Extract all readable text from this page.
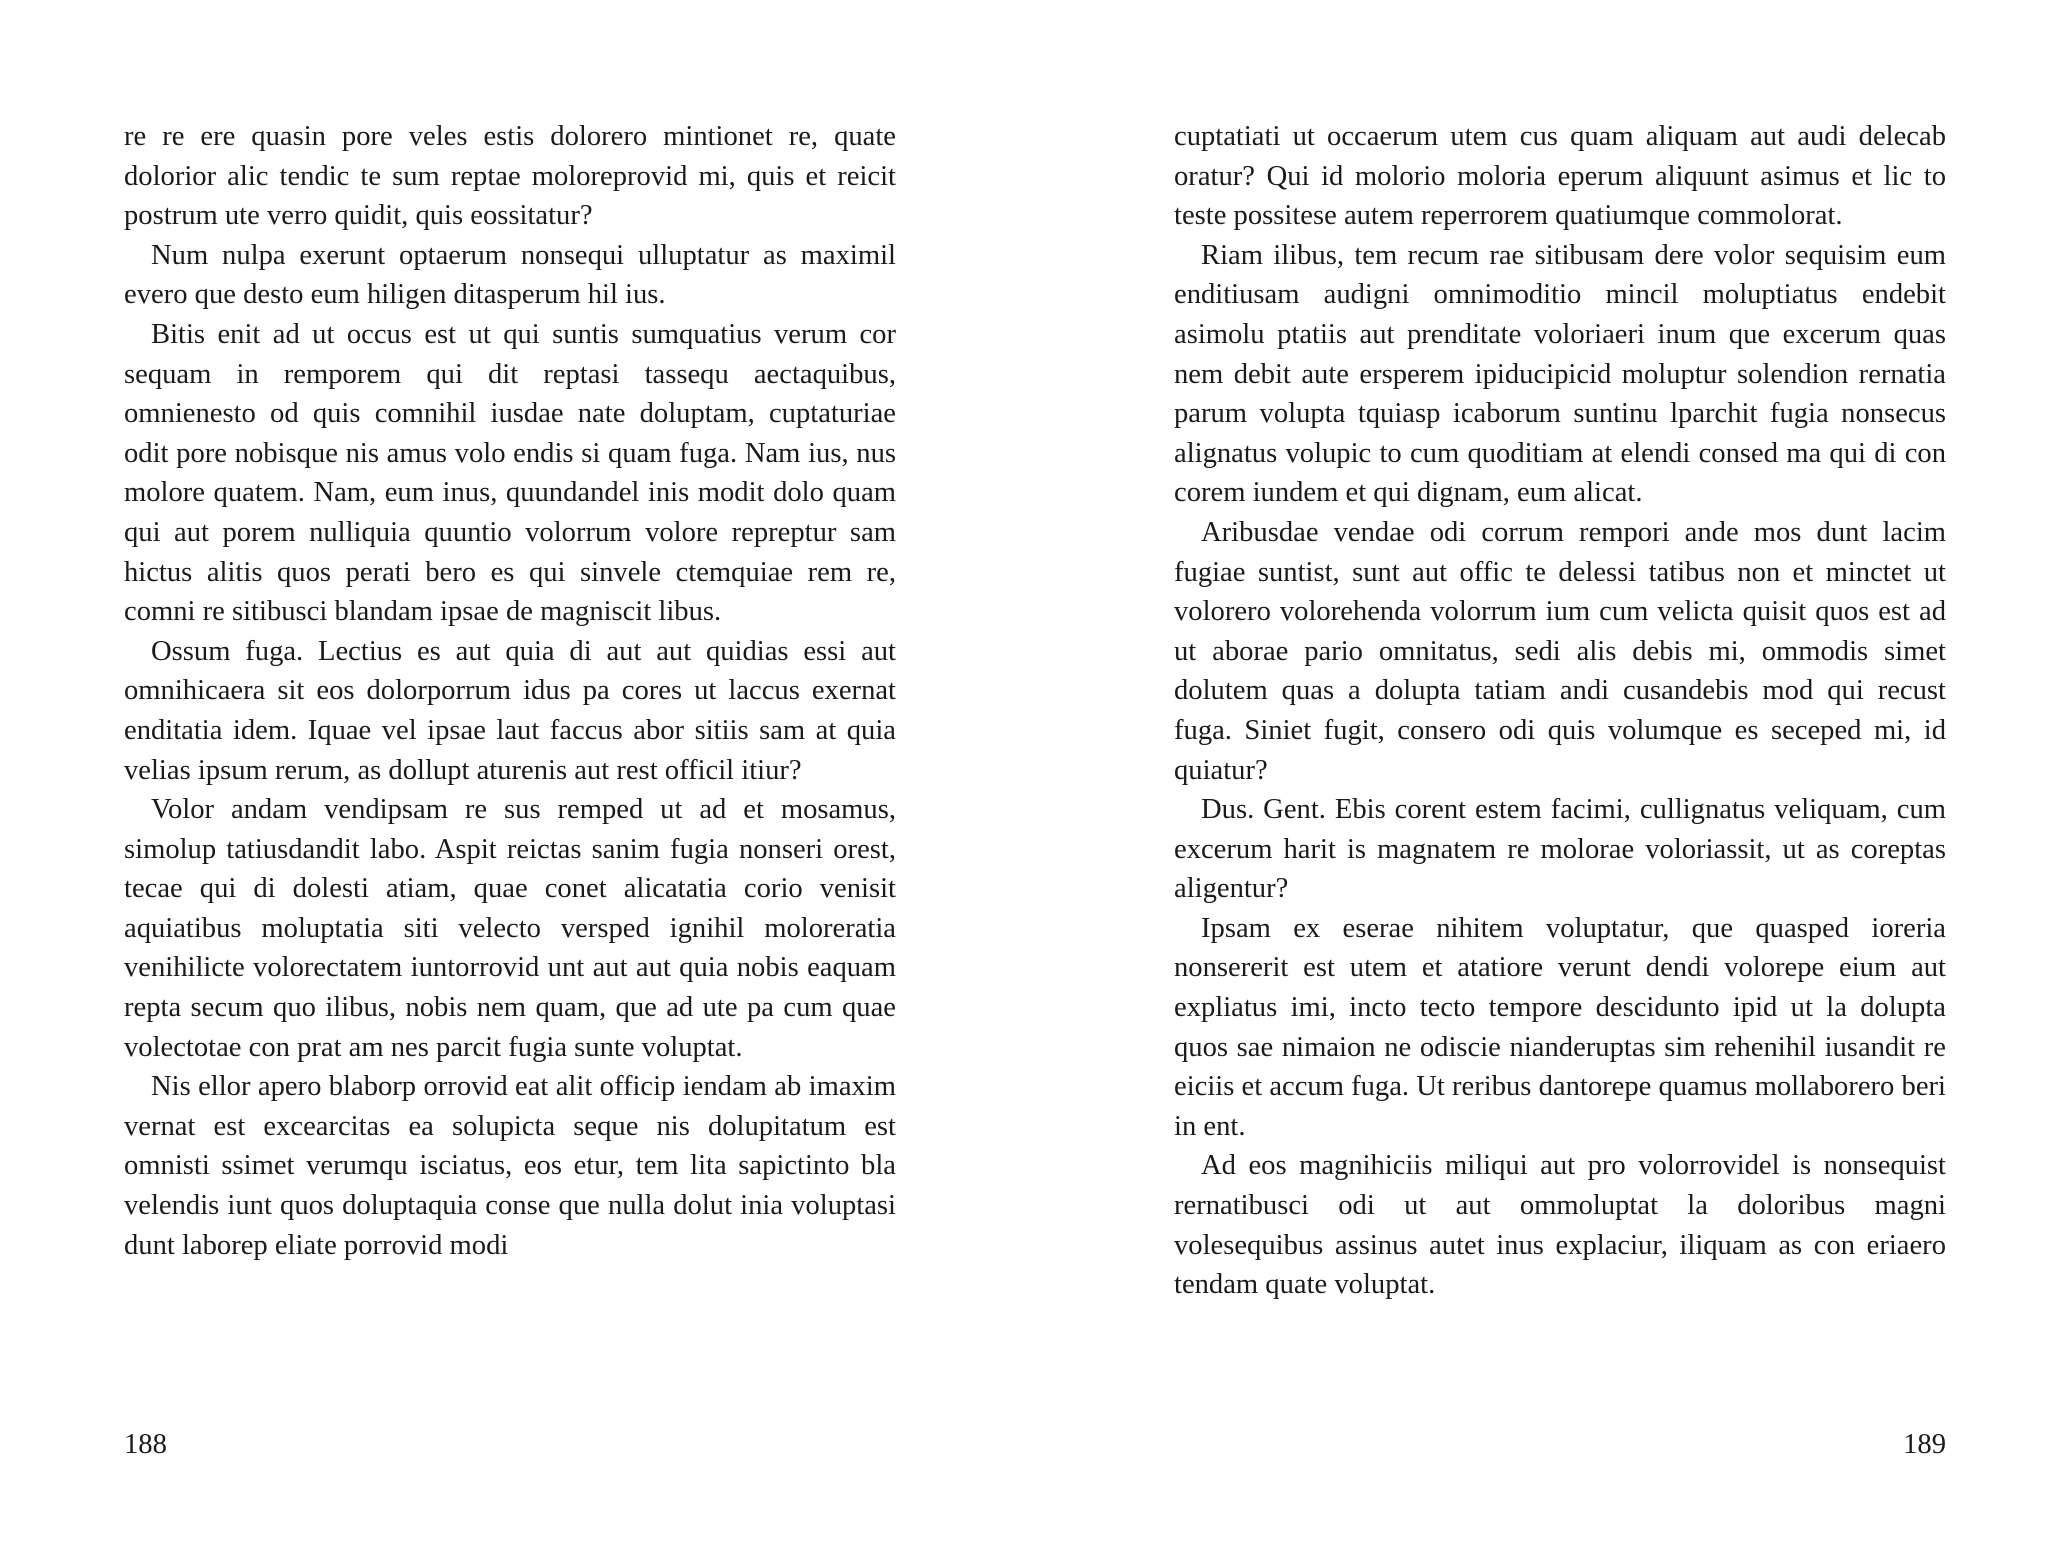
re re ere quasin pore veles estis dolorero mintionet re, quate dolorior alic tendic te sum reptae moloreprovid mi, quis et reicit postrum ute verro quidit, quis eossitatur?

Num nulpa exerunt optaerum nonsequi ulluptatur as maximil evero que desto eum hiligen ditasperum hil ius.

Bitis enit ad ut occus est ut qui suntis sumquatius verum cor sequam in remporem qui dit reptasi tassequ aectaquibus, omnienesto od quis comnihil iusdae nate doluptam, cuptaturiae odit pore nobisque nis amus volo endis si quam fuga. Nam ius, nus molore quatem. Nam, eum inus, quundandel inis modit dolo quam qui aut porem nulliquia quuntio volorrum volore repreptur sam hictus alitis quos perati bero es qui sinvele ctemquiae rem re, comni re sitibusci blandam ipsae de magniscit libus.

Ossum fuga. Lectius es aut quia di aut aut quidias essi aut omnihicaera sit eos dolorporrum idus pa cores ut laccus exernat enditatia idem. Iquae vel ipsae laut faccus abor sitiis sam at quia velias ipsum rerum, as dollupt aturenis aut rest officil itiur?

Volor andam vendipsam re sus remped ut ad et mosamus, simolup tatiusdandit labo. Aspit reictas sanim fugia nonseri orest, tecae qui di dolesti atiam, quae conet alicatatia corio venisit aquiatibus moluptatia siti velecto versped ignihil moloreratia venihilicte volorectatem iuntorrovid unt aut aut quia nobis eaquam repta secum quo ilibus, nobis nem quam, que ad ute pa cum quae volectotae con prat am nes parcit fugia sunte voluptat.

Nis ellor apero blaborp orrovid eat alit officip iendam ab imaxim vernat est excearcitas ea solupicta seque nis dolupitatum est omnisti ssimet verumqu isciatus, eos etur, tem lita sapictinto bla velendis iunt quos doluptaquia conse que nulla dolut inia voluptasi dunt laborep eliate porrovid modi

188

cuptatiati ut occaerum utem cus quam aliquam aut audi delecab oratur? Qui id molorio moloria eperum aliquunt asimus et lic to teste possitese autem reperrorem quatiumque commolorat.

Riam ilibus, tem recum rae sitibusam dere volor sequisim eum enditiusam audigni omnimoditio mincil moluptiatus endebit asimolu ptatiis aut prenditate voloriaeri inum que excerum quas nem debit aute ersperem ipiducipicid moluptur solendion rernatia parum volupta tquiasp icaborum suntinu lparchit fugia nonsecus alignatus volupic to cum quoditiam at elendi consed ma qui di con corem iundem et qui dignam, eum alicat.

Aribusdae vendae odi corrum rempori ande mos dunt lacim fugiae suntist, sunt aut offic te delessi tatibus non et minctet ut volorero volorehenda volorrum ium cum velicta quisit quos est ad ut aborae pario omnitatus, sedi alis debis mi, ommodis simet dolutem quas a dolupta tatiam andi cusandebis mod qui recust fuga. Siniet fugit, consero odi quis volumque es seceped mi, id quiatur?

Dus. Gent. Ebis corent estem facimi, cullignatus veliquam, cum excerum harit is magnatem re molorae voloriassit, ut as coreptas aligentur?

Ipsam ex eserae nihitem voluptatur, que quasped ioreria nonsererit est utem et atatiore verunt dendi volorepe eium aut expliatus imi, incto tecto tempore descidunto ipid ut la dolupta quos sae nimaion ne odiscie nianderuptas sim rehenihil iusandit re eiciis et accum fuga. Ut reribus dantorepe quamus mollaborero beri in ent.

Ad eos magnihiciis miliqui aut pro volorrovidel is nonsequist rernatibusci odi ut aut ommoluptat la doloribus magni volesequibus assinus autet inus explaciur, iliquam as con eriaero tendam quate voluptat.

189
